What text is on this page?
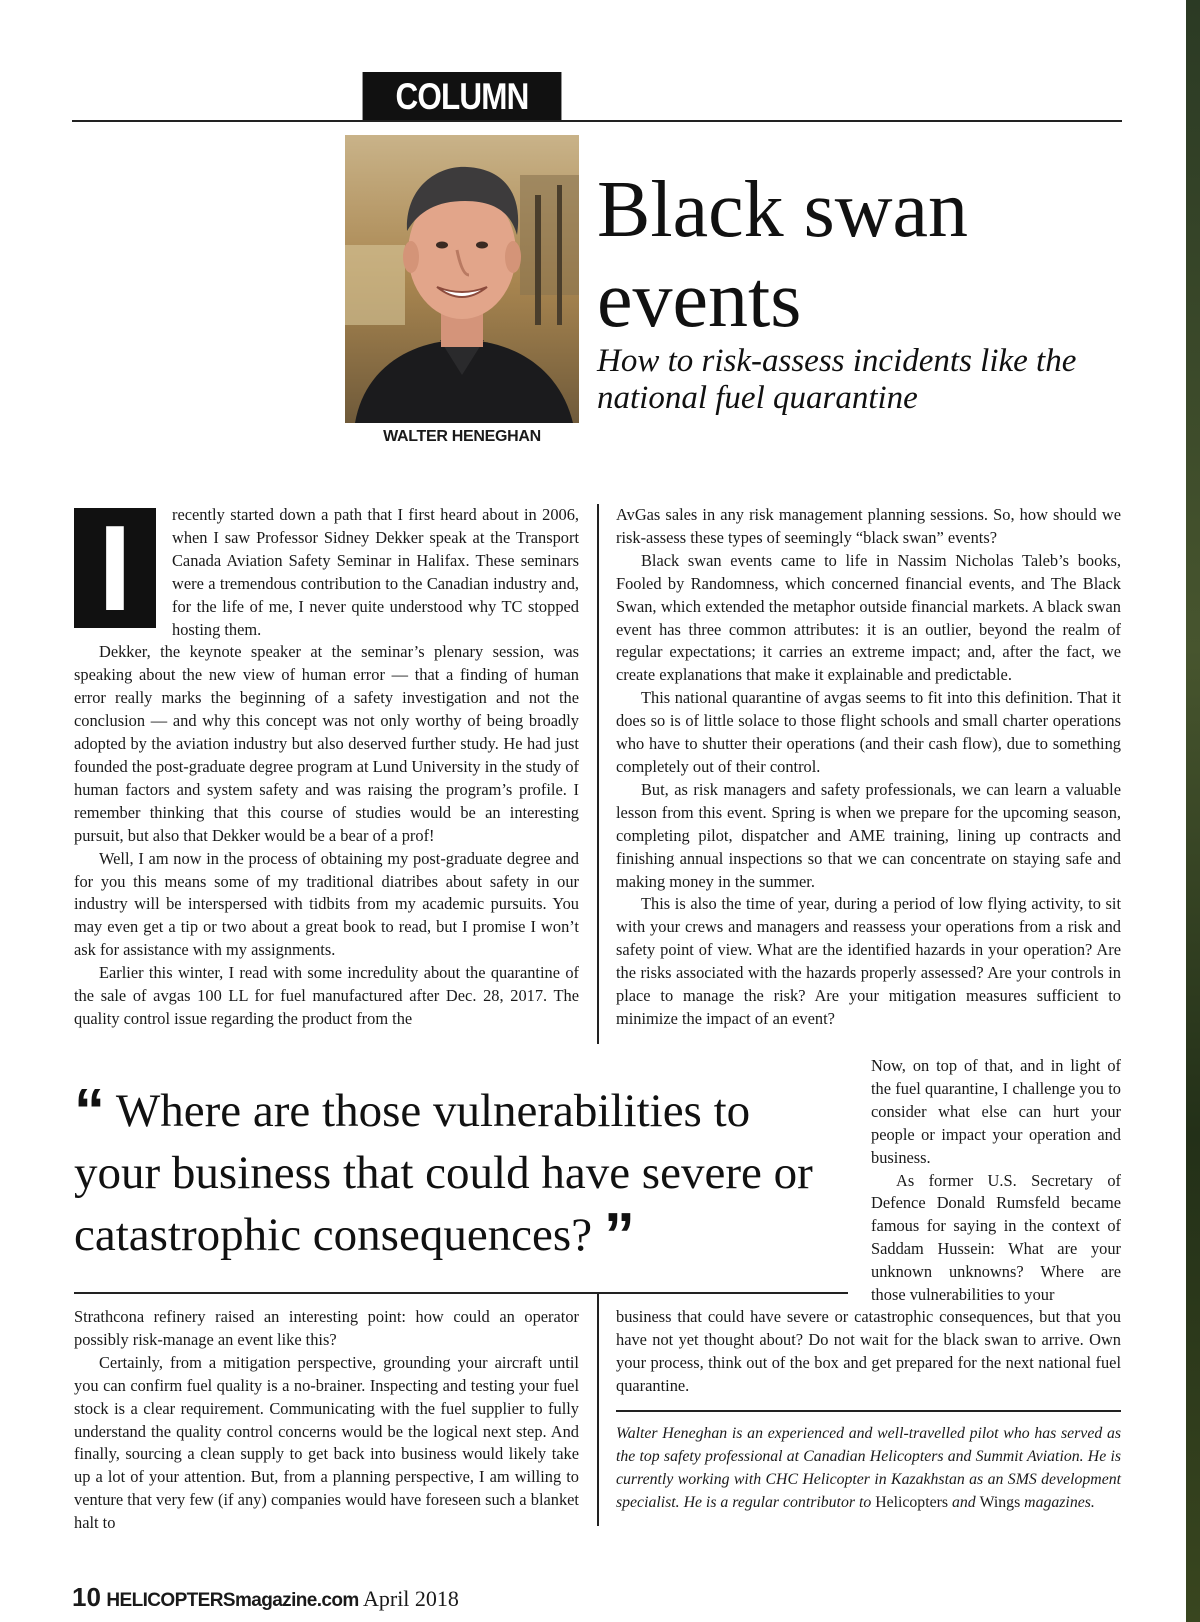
COLUMN
WALTER HENEGHAN
Black swan events
How to risk-assess incidents like the national fuel quarantine
I	recently started down a path that I first heard about in 2006, when I saw Professor Sidney Dekker speak at the Transport Canada Aviation Safety Seminar in Halifax. These seminars were a tremendous contribution to the Canadian industry and, for the life of me, I never quite understood why TC stopped hosting them.

Dekker, the keynote speaker at the seminar’s plenary session, was speaking about the new view of human error — that a finding of human error really marks the beginning of a safety investigation and not the conclusion — and why this concept was not only worthy of being broadly adopted by the aviation industry but also deserved further study. He had just founded the post-graduate degree program at Lund University in the study of human factors and system safety and was raising the program’s profile. I remember thinking that this course of studies would be an interesting pursuit, but also that Dekker would be a bear of a prof!

Well, I am now in the process of obtaining my post-graduate degree and for you this means some of my traditional diatribes about safety in our industry will be interspersed with tidbits from my academic pursuits. You may even get a tip or two about a great book to read, but I promise I won’t ask for assistance with my assignments.

Earlier this winter, I read with some incredulity about the quarantine of the sale of avgas 100 LL for fuel manufactured after Dec. 28, 2017. The quality control issue regarding the product from the

AvGas sales in any risk management planning sessions. So, how should we risk-assess these types of seemingly “black swan” events?

Black swan events came to life in Nassim Nicholas Taleb’s books, Fooled by Randomness, which concerned financial events, and The Black Swan, which extended the metaphor outside financial markets. A black swan event has three common attributes: it is an outlier, beyond the realm of regular expectations; it carries an extreme impact; and, after the fact, we create explanations that make it explainable and predictable.

This national quarantine of avgas seems to fit into this definition. That it does so is of little solace to those flight schools and small charter operations who have to shutter their operations (and their cash flow), due to something completely out of their control.

But, as risk managers and safety professionals, we can learn a valuable lesson from this event. Spring is when we prepare for the upcoming season, completing pilot, dispatcher and AME training, lining up contracts and finishing annual inspections so that we can concentrate on staying safe and making money in the summer.

This is also the time of year, during a period of low flying activity, to sit with your crews and managers and reassess your operations from a risk and safety point of view. What are the identified hazards in your operation? Are the risks associated with the hazards properly assessed? Are your controls in place to manage the risk? Are your mitigation measures sufficient to minimize the impact of an event?

Now, on top of that, and in light of the fuel quarantine, I challenge you to consider what else can hurt your people or impact your operation and business.

As former U.S. Secretary of Defence Donald Rumsfeld became famous for saying in the context of Saddam Hussein: What are your unknown unknowns? Where are those vulnerabilities to your

“ Where are those vulnerabilities to your business that could have severe or catastrophic consequences? ”

Strathcona refinery raised an interesting point: how could an operator possibly risk-manage an event like this?

Certainly, from a mitigation perspective, grounding your aircraft until you can confirm fuel quality is a no-brainer. Inspecting and testing your fuel stock is a clear requirement. Communicating with the fuel supplier to fully understand the quality control concerns would be the logical next step. And finally, sourcing a clean supply to get back into business would likely take up a lot of your attention. But, from a planning perspective, I am willing to venture that very few (if any) companies would have foreseen such a blanket halt to

business that could have severe or catastrophic consequences, but that you have not yet thought about? Do not wait for the black swan to arrive. Own your process, think out of the box and get prepared for the next national fuel quarantine.

Walter Heneghan is an experienced and well-travelled pilot who has served as the top safety professional at Canadian Helicopters and Summit Aviation. He is currently working with CHC Helicopter in Kazakhstan as an SMS development specialist. He is a regular contributor to Helicopters and Wings magazines.
10 HELICOPTERSmagazine.com April 2018
